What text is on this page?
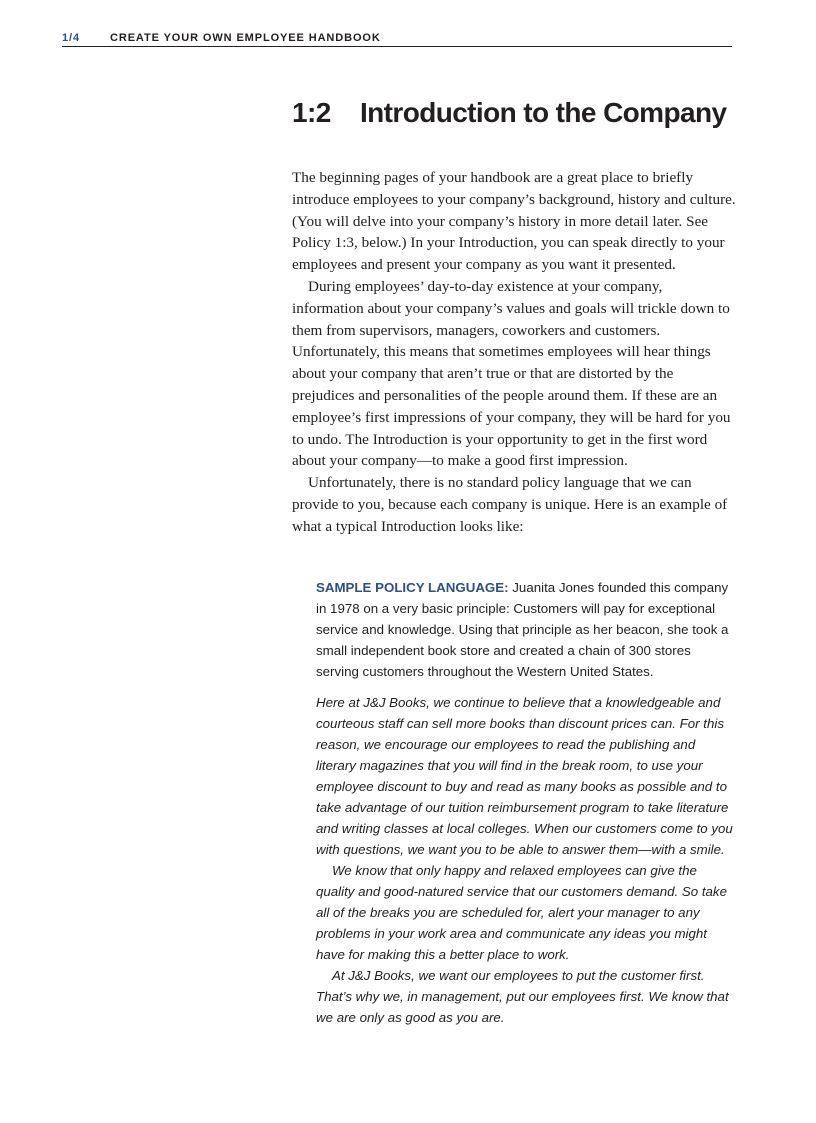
1/4	CREATE YOUR OWN EMPLOYEE HANDBOOK
1:2 Introduction to the Company

The beginning pages of your handbook are a great place to briefly introduce employees to your company’s background, history and culture. (You will delve into your company’s history in more detail later. See Policy 1:3, below.) In your Introduction, you can speak directly to your employees and present your company as you want it presented.

During employees’ day-to-day existence at your company, information about your company’s values and goals will trickle down to them from supervisors, managers, coworkers and customers. Unfortunately, this means that sometimes employees will hear things about your company that aren’t true or that are distorted by the prejudices and personalities of the people around them. If these are an employee’s first impressions of your company, they will be hard for you to undo. The Introduction is your opportunity to get in the first word about your company—to make a good first impression.

Unfortunately, there is no standard policy language that we can provide to you, because each company is unique. Here is an example of what a typical Introduction looks like:

SAMPLE POLICY LANGUAGE: Juanita Jones founded this company in 1978 on a very basic principle: Customers will pay for exceptional service and knowledge. Using that principle as her beacon, she took a small independent book store and created a chain of 300 stores serving customers throughout the Western United States.

Here at J&J Books, we continue to believe that a knowledgeable and courteous staff can sell more books than discount prices can. For this reason, we encourage our employees to read the publishing and literary magazines that you will find in the break room, to use your employee discount to buy and read as many books as possible and to take advantage of our tuition reimbursement program to take literature and writing classes at local colleges. When our customers come to you with questions, we want you to be able to answer them—with a smile.

We know that only happy and relaxed employees can give the quality and good-natured service that our customers demand. So take all of the breaks you are scheduled for, alert your manager to any problems in your work area and communicate any ideas you might have for making this a better place to work.

At J&J Books, we want our employees to put the customer first. That’s why we, in management, put our employees first. We know that we are only as good as you are.
